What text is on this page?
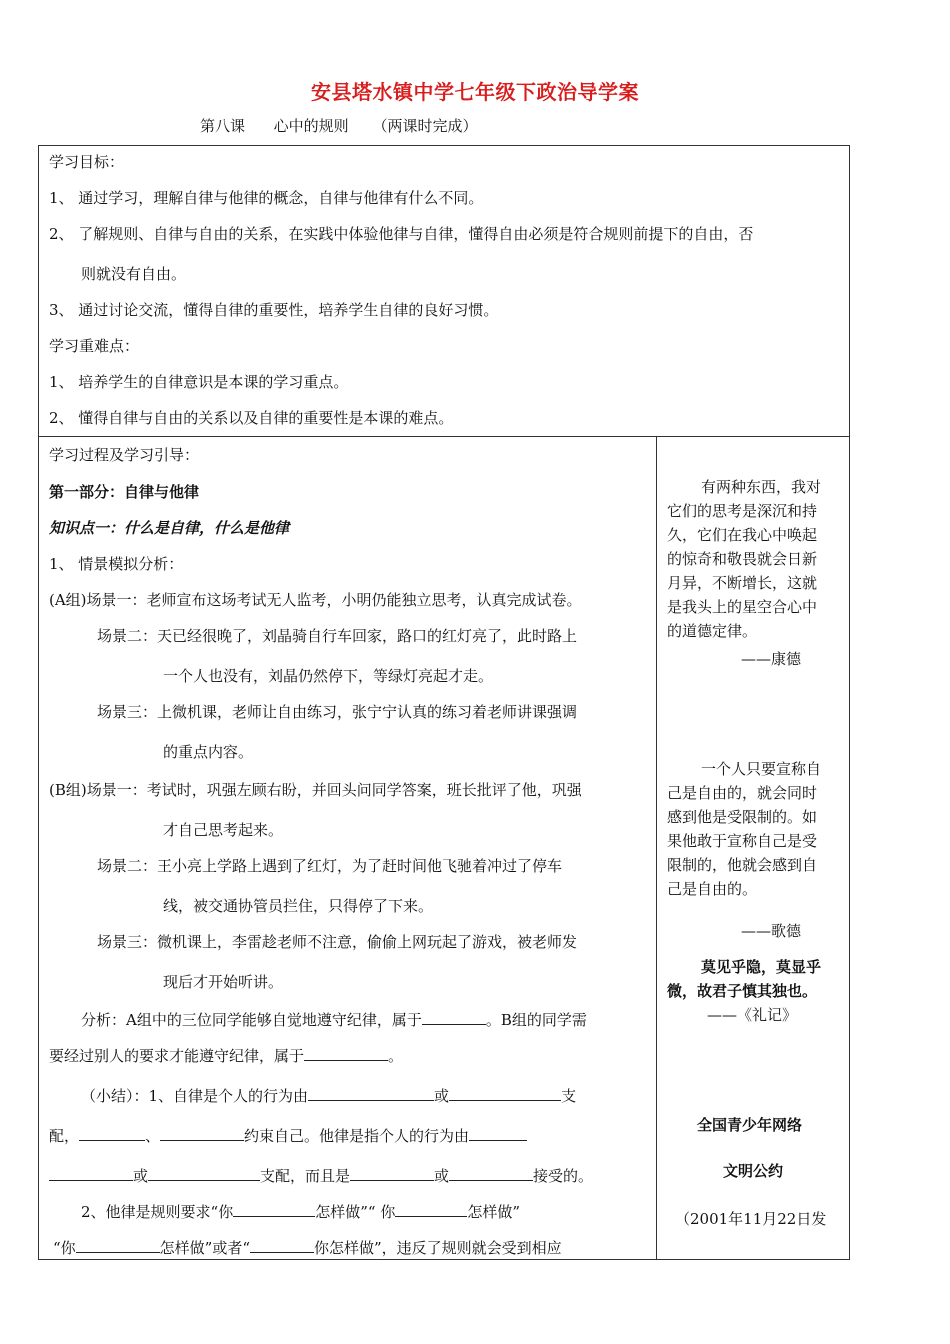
安县塔水镇中学七年级下政治导学案
第八课      心中的规则     （两课时完成）
学习目标：
1、 通过学习，理解自律与他律的概念，自律与他律有什么不同。
2、 了解规则、自律与自由的关系，在实践中体验他律与自律，懂得自由必须是符合规则前提下的自由，否
则就没有自由。
3、 通过讨论交流，懂得自律的重要性，培养学生自律的良好习惯。
学习重难点：
1、 培养学生的自律意识是本课的学习重点。
2、 懂得自律与自由的关系以及自律的重要性是本课的难点。
学习过程及学习引导：
第一部分：自律与他律
知识点一：什么是自律，什么是他律
1、 情景模拟分析：
(A组)场景一：老师宣布这场考试无人监考，小明仍能独立思考，认真完成试卷。
场景二：天已经很晚了，刘晶骑自行车回家，路口的红灯亮了，此时路上
一个人也没有，刘晶仍然停下，等绿灯亮起才走。
场景三：上微机课，老师让自由练习，张宁宁认真的练习着老师讲课强调
的重点内容。
(B组)场景一：考试时，巩强左顾右盼，并回头问同学答案，班长批评了他，巩强
才自己思考起来。
场景二：王小亮上学路上遇到了红灯，为了赶时间他飞驰着冲过了停车
线，被交通协管员拦住，只得停了下来。
场景三：微机课上，李雷趁老师不注意，偷偷上网玩起了游戏，被老师发
现后才开始听讲。
分析：A组中的三位同学能够自觉地遵守纪律，属于	。B组的同学需
要经过别人的要求才能遵守纪律，属于	。
（小结）：1、自律是个人的行为由	或	支
配，	、	约束自己。他律是指个人的行为由
或	支配，而且是	或	接受的。
2、他律是规则要求“你	怎样做”“ 你	怎样做”
“你	怎样做”或者“	你怎样做”，违反了规则就会受到相应
有两种东西，我对
它们的思考是深沉和持
久，它们在我心中唤起
的惊奇和敬畏就会日新
月异，不断增长，这就
是我头上的星空合心中
的道德定律。
——康德
一个人只要宣称自
己是自由的，就会同时
感到他是受限制的。如
果他敢于宣称自己是受
限制的，他就会感到自
己是自由的。
——歌德
莫见乎隐，莫显乎
微，故君子慎其独也。
——《礼记》
全国青少年网络
文明公约
（2001年11月22日发
